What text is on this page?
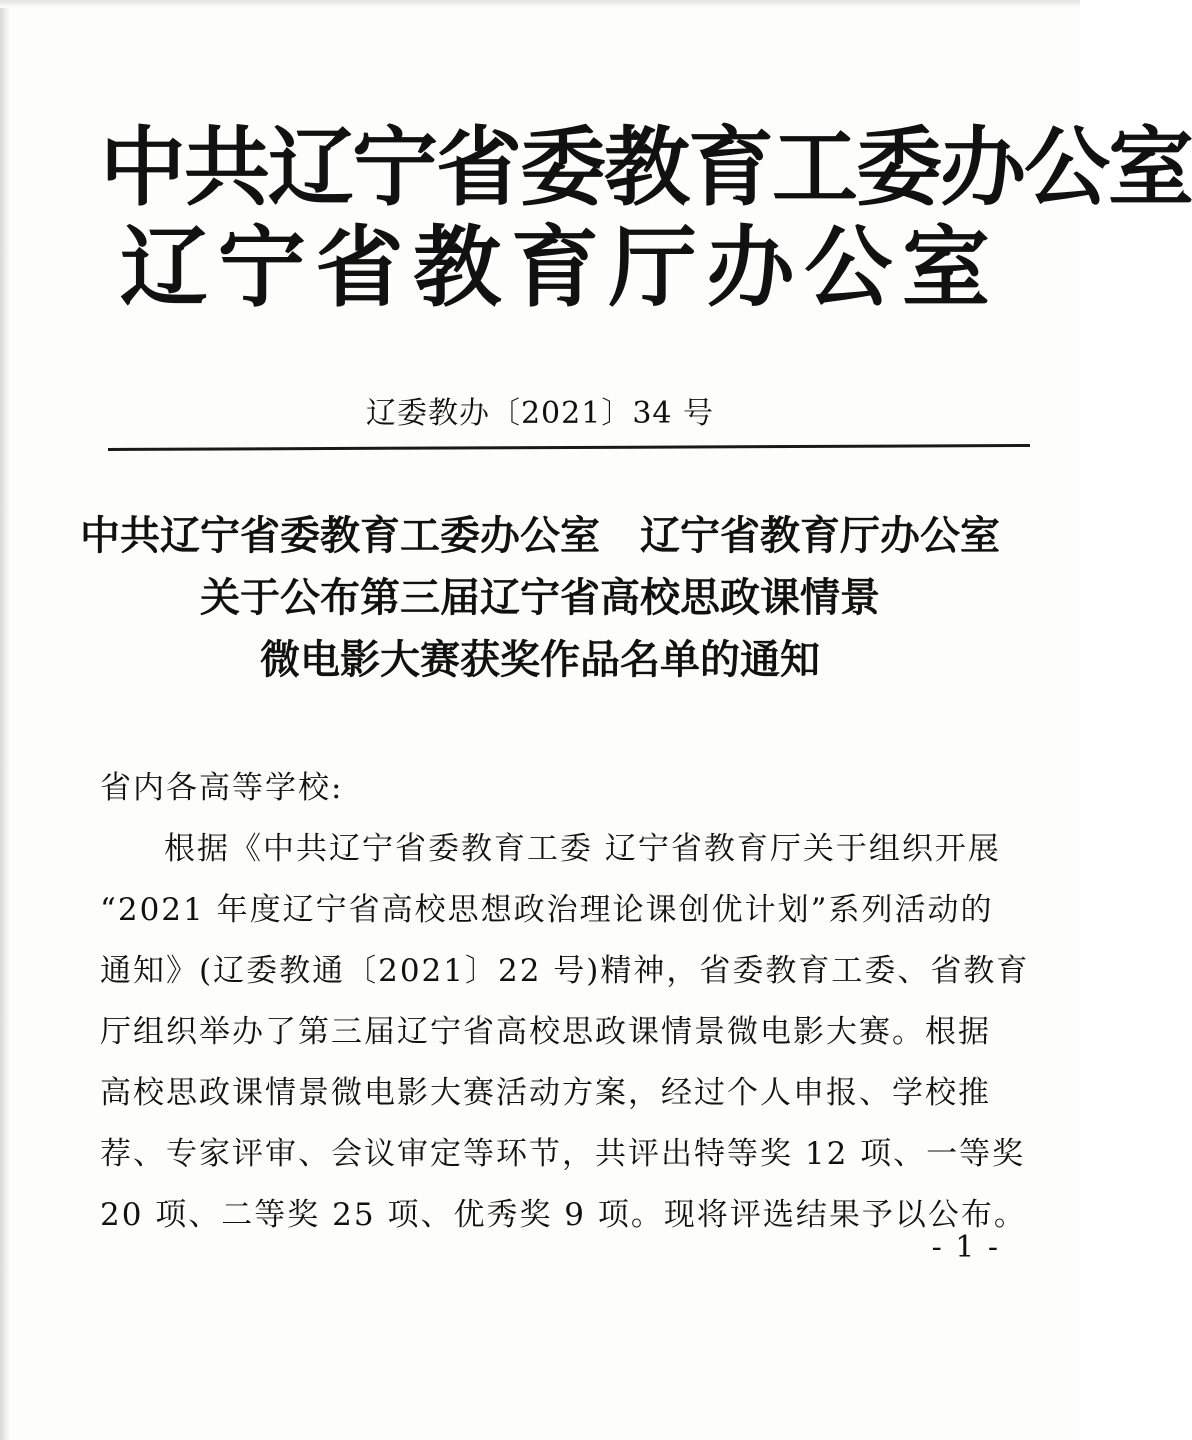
中共辽宁省委教育工委办公室
辽宁省教育厅办公室
辽委教办〔2021〕34 号
中共辽宁省委教育工委办公室　辽宁省教育厅办公室
关于公布第三届辽宁省高校思政课情景
微电影大赛获奖作品名单的通知
省内各高等学校:
根据《中共辽宁省委教育工委 辽宁省教育厅关于组织开展
“2021 年度辽宁省高校思想政治理论课创优计划”系列活动的
通知》(辽委教通〔2021〕22 号)精神，省委教育工委、省教育
厅组织举办了第三届辽宁省高校思政课情景微电影大赛。根据
高校思政课情景微电影大赛活动方案，经过个人申报、学校推
荐、专家评审、会议审定等环节，共评出特等奖 12 项、一等奖
20 项、二等奖 25 项、优秀奖 9 项。现将评选结果予以公布。
- 1 -
